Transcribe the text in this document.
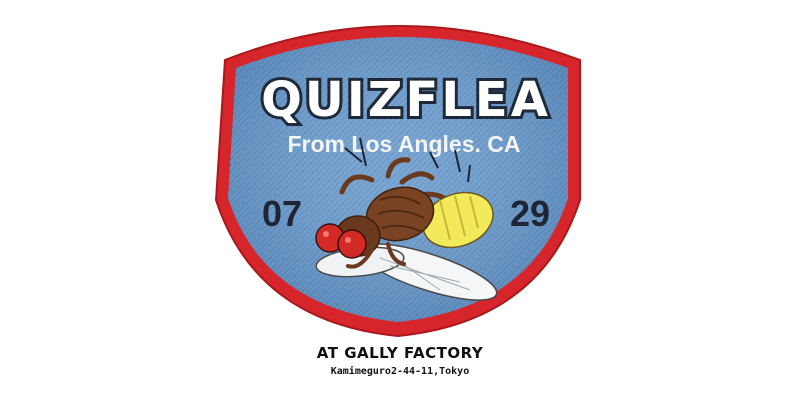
QUIZFLEA
From Los Angles. CA
07	29
AT GALLY FACTORY
Kamimeguro2-44-11,Tokyo
